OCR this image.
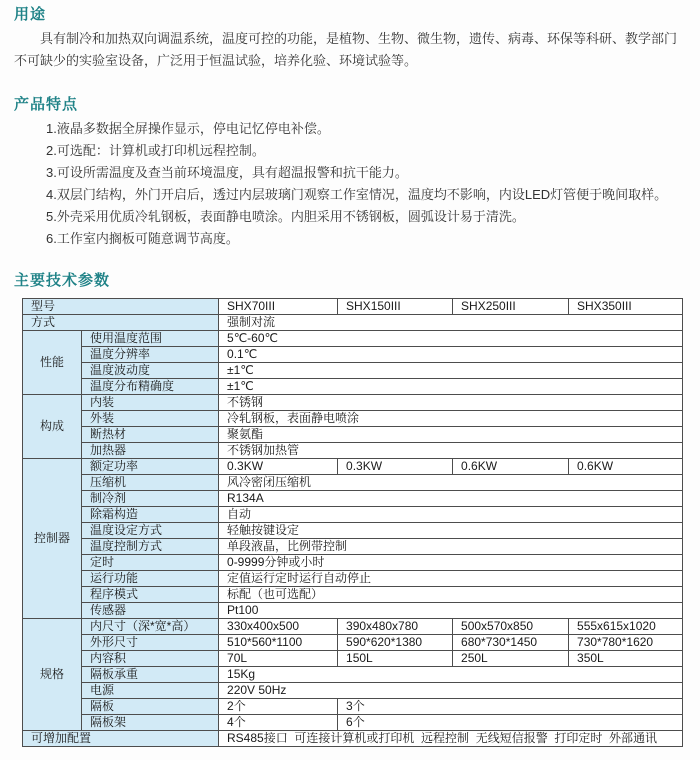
用途

具有制冷和加热双向调温系统，温度可控的功能，是植物、生物、微生物，遗传、病毒、环保等科研、教学部门不可缺少的实验室设备，广泛用于恒温试验，培养化验、环境试验等。

产品特点
1.液晶多数据全屏操作显示，停电记忆停电补偿。
2.可选配：计算机或打印机远程控制。
3.可设所需温度及查当前环境温度，具有超温报警和抗干能力。
4.双层门结构，外门开启后，透过内层玻璃门观察工作室情况，温度均不影响，内设LED灯管便于晚间取样。
5.外壳采用优质冷轧钢板，表面静电喷涂。内胆采用不锈钢板，圆弧设计易于清洗。
6.工作室内搁板可随意调节高度。
主要技术参数
型号		SHX70III	SHX150III	SHX250III	SHX350III
方式		强制对流			
性能	使用温度范围	5℃-60℃			
	温度分辨率	0.1℃			
	温度波动度	±1℃			
	温度分布精确度	±1℃			
构成	内装	不锈钢			
	外装	冷轧钢板，表面静电喷涂			
	断热材	聚氨酯			
	加热器	不锈钢加热管			
控制器	额定功率	0.3KW	0.3KW	0.6KW	0.6KW
	压缩机	风冷密闭压缩机			
	制冷剂	R134A			
	除霜构造	自动			
	温度设定方式	轻触按键设定			
	温度控制方式	单段液晶，比例带控制			
	定时	0-9999分钟或小时			
	运行功能	定值运行定时运行自动停止			
	程序模式	标配（也可选配）			
	传感器	Pt100			
规格	内尺寸（深*宽*高）	330x400x500	390x480x780	500x570x850	555x615x1020
	外形尺寸	510*560*1100	590*620*1380	680*730*1450	730*780*1620
	内容积	70L	150L	250L	350L
	隔板承重	15Kg			
	电源	220V 50Hz			
	隔板	2个	3个		
	隔板架	4个	6个		
可增加配置		RS485接口  可连接计算机或打印机  远程控制  无线短信报警  打印定时  外部通讯			
